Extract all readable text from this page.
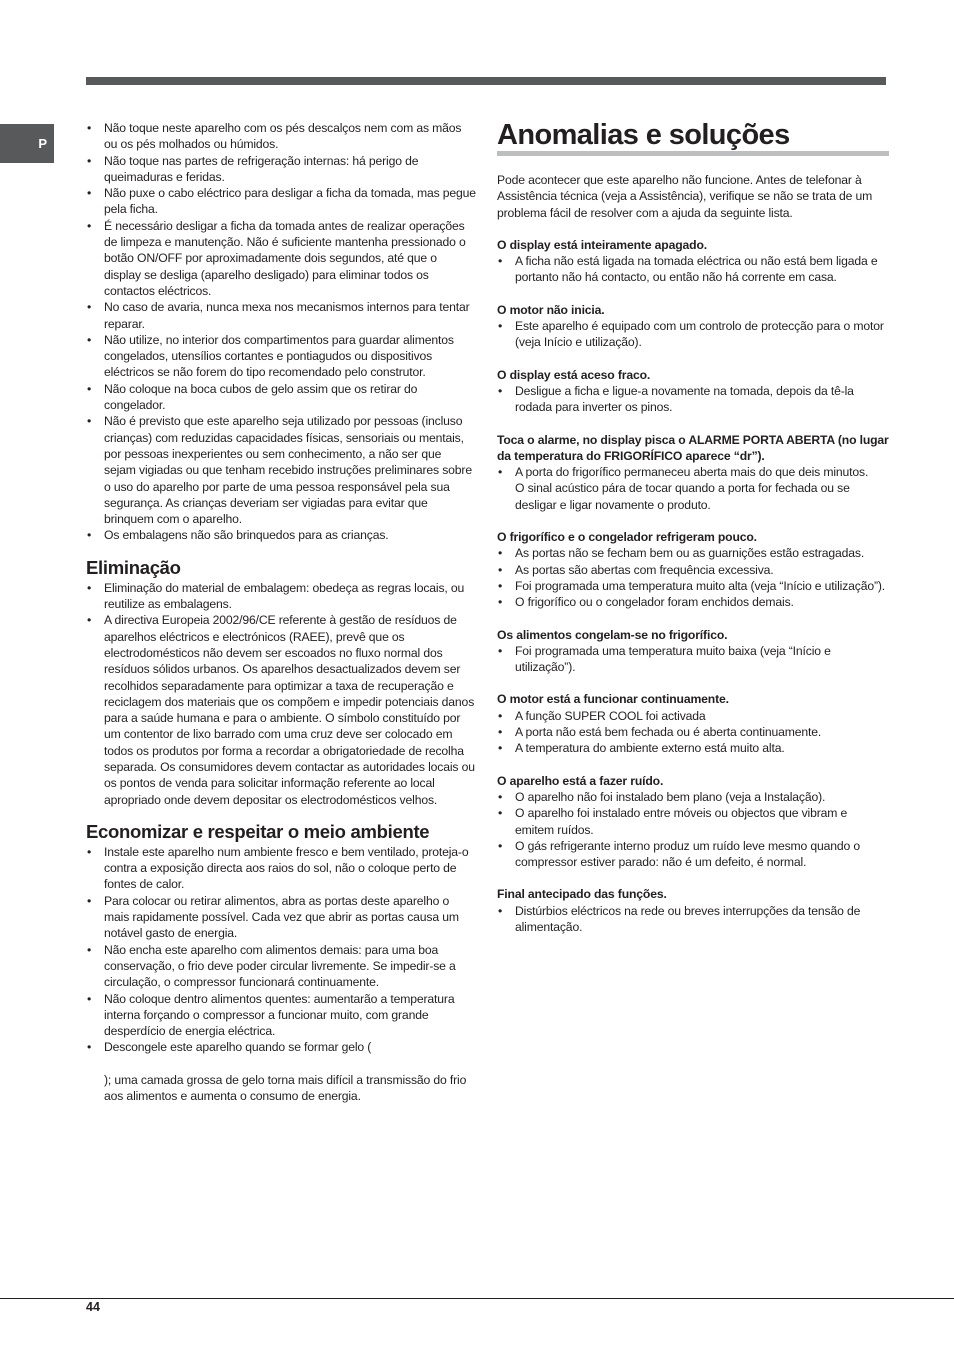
P
• Não toque neste aparelho com os pés descalços nem com as mãos ou os pés molhados ou húmidos.
• Não toque nas partes de refrigeração internas: há perigo de queimaduras e feridas.
• Não puxe o cabo eléctrico para desligar a ficha da tomada, mas pegue pela ficha.
• É necessário desligar a ficha da tomada antes de realizar operações de limpeza e manutenção. Não é suficiente mantenha pressionado o botão ON/OFF por aproximadamente dois segundos, até que o display se desliga (aparelho desligado) para eliminar todos os contactos eléctricos.
• No caso de avaria, nunca mexa nos mecanismos internos para tentar reparar.
• Não utilize, no interior dos compartimentos para guardar alimentos congelados, utensílios cortantes e pontiagudos ou dispositivos eléctricos se não forem do tipo recomendado pelo construtor.
• Não coloque na boca cubos de gelo assim que os retirar do congelador.
• Não é previsto que este aparelho seja utilizado por pessoas (incluso crianças) com reduzidas capacidades físicas, sensoriais ou mentais, por pessoas inexperientes ou sem conhecimento, a não ser que sejam vigiadas ou que tenham recebido instruções preliminares sobre o uso do aparelho por parte de uma pessoa responsável pela sua segurança. As crianças deveriam ser vigiadas para evitar que brinquem com o aparelho.
• Os embalagens não são brinquedos para as crianças.
Eliminação
• Eliminação do material de embalagem: obedeça as regras locais, ou reutilize as embalagens.
• A directiva Europeia 2002/96/CE referente à gestão de resíduos de aparelhos eléctricos e electrónicos (RAEE), prevê que os electrodomésticos não devem ser escoados no fluxo normal dos resíduos sólidos urbanos. Os aparelhos desactualizados devem ser recolhidos separadamente para optimizar a taxa de recuperação e reciclagem dos materiais que os compõem e impedir potenciais danos para a saúde humana e para o ambiente. O símbolo constituído por um contentor de lixo barrado com uma cruz deve ser colocado em todos os produtos por forma a recordar a obrigatoriedade de recolha separada. Os consumidores devem contactar as autoridades locais ou os pontos de venda para solicitar informação referente ao local apropriado onde devem depositar os electrodomésticos velhos.
Economizar e respeitar o meio ambiente
• Instale este aparelho num ambiente fresco e bem ventilado, proteja-o contra a exposição directa aos raios do sol, não o coloque perto de fontes de calor.
• Para colocar ou retirar alimentos, abra as portas deste aparelho o mais rapidamente possível. Cada vez que abrir as portas causa um notável gasto de energia.
• Não encha este aparelho com alimentos demais: para uma boa conservação, o frio deve poder circular livremente. Se impedir-se a circulação, o compressor funcionará continuamente.
• Não coloque dentro alimentos quentes: aumentarão a temperatura interna forçando o compressor a funcionar muito, com grande desperdício de energia eléctrica.
• Descongele este aparelho quando se formar gelo (
); uma camada grossa de gelo torna mais difícil a transmissão do frio aos alimentos e aumenta o consumo de energia.
Anomalias e soluções

Pode acontecer que este aparelho não funcione. Antes de telefonar à Assistência técnica (veja a Assistência), verifique se não se trata de um problema fácil de resolver com a ajuda da seguinte lista.

O display está inteiramente apagado.
• A ficha não está ligada na tomada eléctrica ou não está bem ligada e portanto não há contacto, ou então não há corrente em casa.
O motor não inicia.
• Este aparelho é equipado com um controlo de protecção para o motor (veja Início e utilização).
O display está aceso fraco.
• Desligue a ficha e ligue-a novamente na tomada, depois da tê-la rodada para inverter os pinos.
Toca o alarme, no display pisca o ALARME PORTA ABERTA (no lugar da temperatura do FRIGORÍFICO aparece “dr”).
• A porta do frigorífico permaneceu aberta mais do que deis minutos.
O sinal acústico pára de tocar quando a porta for fechada ou se desligar e ligar novamente o produto.
O frigorífico e o congelador refrigeram pouco.
• As portas não se fecham bem ou as guarnições estão estragadas.
• As portas são abertas com frequência excessiva.
• Foi programada uma temperatura muito alta (veja “Início e utilização”).
• O frigorífico ou o congelador foram enchidos demais.
Os alimentos congelam-se no frigorífico.
• Foi programada uma temperatura muito baixa (veja “Início e utilização”).
O motor está a funcionar continuamente.
• A função SUPER COOL foi activada
• A porta não está bem fechada ou é aberta continuamente.
• A temperatura do ambiente externo está muito alta.
O aparelho está a fazer ruído.
• O aparelho não foi instalado bem plano (veja a Instalação).
• O aparelho foi instalado entre móveis ou objectos que vibram e emitem ruídos.
• O gás refrigerante interno produz um ruído leve mesmo quando o compressor estiver parado: não é um defeito, é normal.
Final antecipado das funções.
• Distúrbios eléctricos na rede ou breves interrupções da tensão de alimentação.
44
